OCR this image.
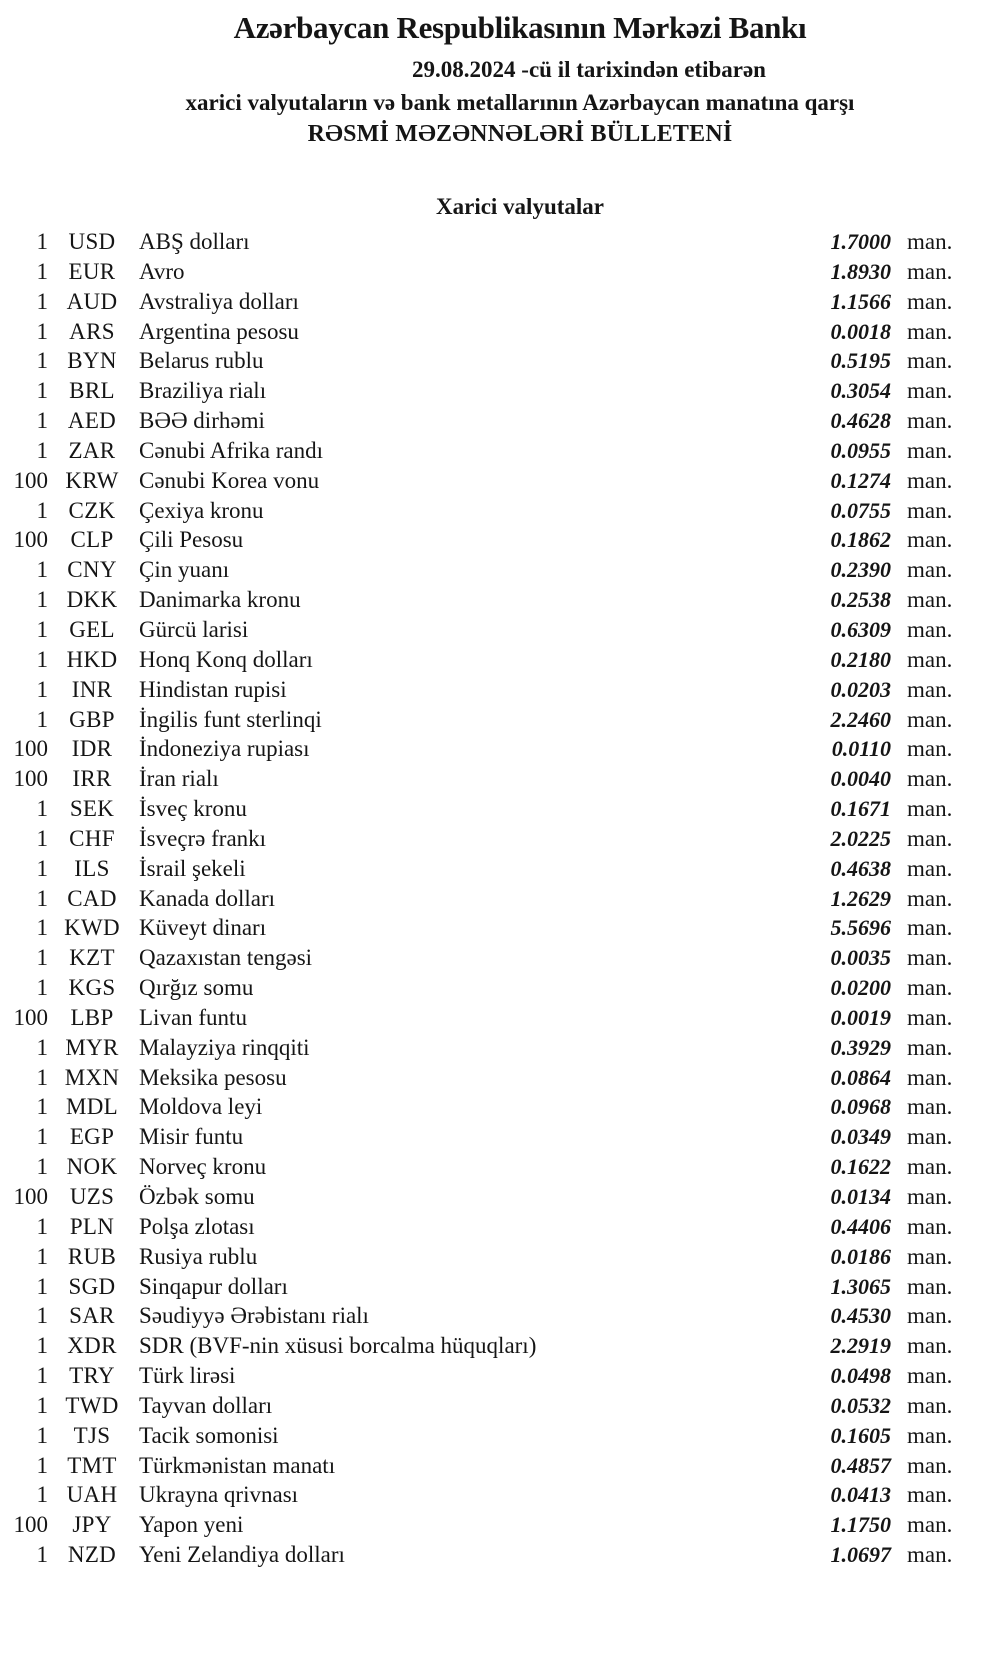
Azərbaycan Respublikasının Mərkəzi Bankı
29.08.2024 -cü il tarixindən etibarən
xarici valyutaların və bank metallarının Azərbaycan manatına qarşı
RƏSMİ MƏZƏNNƏLƏRİ BÜLLETENİ
Xarici valyutalar
1 USD	ABŞ dolları	1.7000 man.
1 EUR	Avro	1.8930 man.
1 AUD Avstraliya dolları	1.1566 man.
1 ARS	Argentina pesosu	0.0018 man.
1 BYN Belarus rublu	0.5195 man.
1 BRL	Braziliya rialı	0.3054 man.
1 AED BƏƏ dirhəmi	0.4628 man.
1 ZAR	Cənubi Afrika randı	0.0955 man.
100 KRW Cənubi Korea vonu	0.1274 man.
1 CZK	Çexiya kronu	0.0755 man.
100 CLP	Çili Pesosu	0.1862 man.
1 CNY Çin yuanı	0.2390 man.
1 DKK Danimarka kronu	0.2538 man.
1 GEL	Gürcü larisi	0.6309 man.
1 HKD Honq Konq dolları	0.2180 man.
1	INR	Hindistan rupisi	0.0203 man.
1 GBP	İngilis funt sterlinqi	2.2460 man.
100	IDR	İndoneziya rupiası	0.0110 man.
100	IRR	İran rialı	0.0040 man.
1 SEK	İsveç kronu	0.1671 man.
1 CHF	İsveçrə frankı	2.0225 man.
1	ILS	İsrail şekeli	0.4638 man.
1 CAD Kanada dolları	1.2629 man.
1 KWD Küveyt dinarı	5.5696 man.
1 KZT	Qazaxıstan tengəsi	0.0035 man.
1 KGS	Qırğız somu	0.0200 man.
100 LBP	Livan funtu	0.0019 man.
1 MYR Malayziya rinqqiti	0.3929 man.
1 MXN Meksika pesosu	0.0864 man.
1 MDL Moldova leyi	0.0968 man.
1 EGP	Misir funtu	0.0349 man.
1 NOK Norveç kronu	0.1622 man.
100 UZS	Özbək somu	0.0134 man.
1 PLN	Polşa zlotası	0.4406 man.
1 RUB Rusiya rublu	0.0186 man.
1 SGD	Sinqapur dolları	1.3065 man.
1 SAR	Səudiyyə Ərəbistanı rialı	0.4530 man.
1 XDR SDR (BVF-nin xüsusi borcalma hüquqları)	2.2919 man.
1 TRY	Türk lirəsi	0.0498 man.
1 TWD Tayvan dolları	0.0532 man.
1	TJS	Tacik somonisi	0.1605 man.
1 TMT Türkmənistan manatı	0.4857 man.
1 UAH Ukrayna qrivnası	0.0413 man.
100	JPY	Yapon yeni	1.1750 man.
1 NZD Yeni Zelandiya dolları	1.0697 man.
